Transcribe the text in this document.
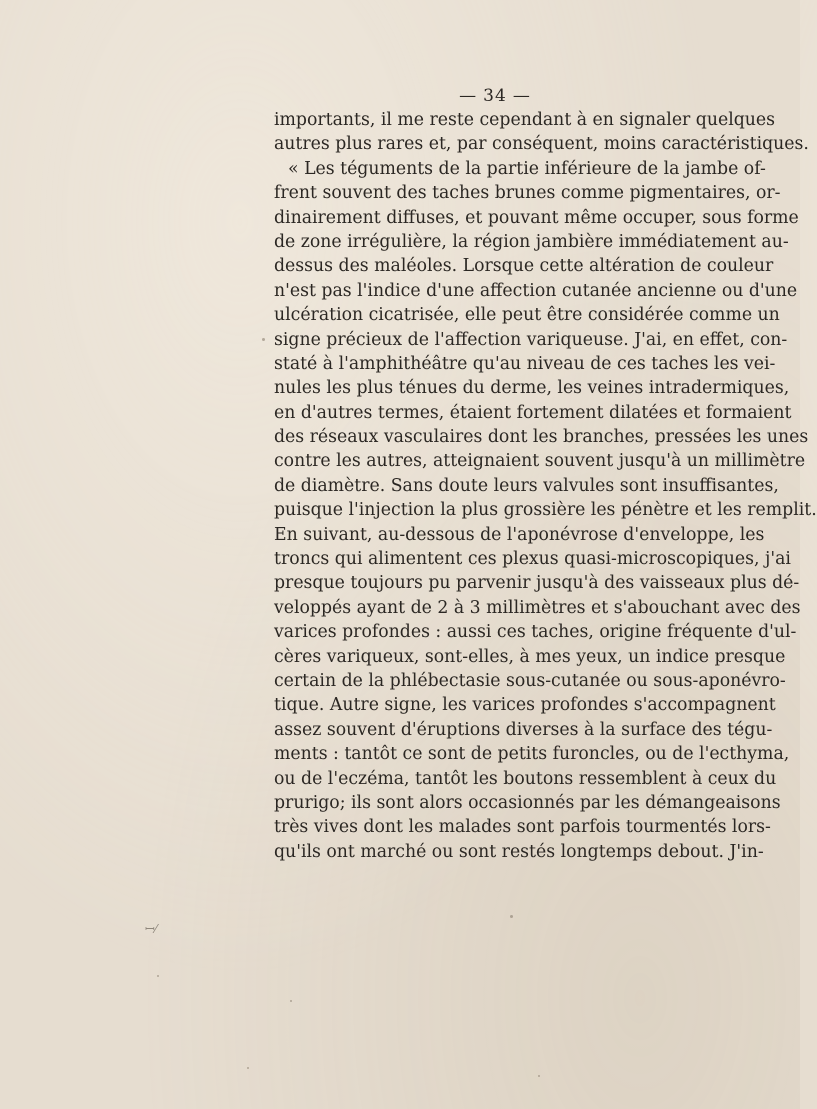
— 34 —
importants, il me reste cependant à en signaler quelques
autres plus rares et, par conséquent, moins caractéristiques.
« Les téguments de la partie inférieure de la jambe of-
frent souvent des taches brunes comme pigmentaires, or-
dinairement diffuses, et pouvant même occuper, sous forme
de zone irrégulière, la région jambière immédiatement au-
dessus des maléoles. Lorsque cette altération de couleur
n'est pas l'indice d'une affection cutanée ancienne ou d'une
ulcération cicatrisée, elle peut être considérée comme un
signe précieux de l'affection variqueuse. J'ai, en effet, con-
staté à l'amphithéâtre qu'au niveau de ces taches les vei-
nules les plus ténues du derme, les veines intradermiques,
en d'autres termes, étaient fortement dilatées et formaient
des réseaux vasculaires dont les branches, pressées les unes
contre les autres, atteignaient souvent jusqu'à un millimètre
de diamètre. Sans doute leurs valvules sont insuffisantes,
puisque l'injection la plus grossière les pénètre et les remplit.
En suivant, au-dessous de l'aponévrose d'enveloppe, les
troncs qui alimentent ces plexus quasi-microscopiques, j'ai
presque toujours pu parvenir jusqu'à des vaisseaux plus dé-
veloppés ayant de 2 à 3 millimètres et s'abouchant avec des
varices profondes : aussi ces taches, origine fréquente d'ul-
cères variqueux, sont-elles, à mes yeux, un indice presque
certain de la phlébectasie sous-cutanée ou sous-aponévro-
tique. Autre signe, les varices profondes s'accompagnent
assez souvent d'éruptions diverses à la surface des tégu-
ments : tantôt ce sont de petits furoncles, ou de l'ecthyma,
ou de l'eczéma, tantôt les boutons ressemblent à ceux du
prurigo; ils sont alors occasionnés par les démangeaisons
très vives dont les malades sont parfois tourmentés lors-
qu'ils ont marché ou sont restés longtemps debout. J'in-
ꟷ⁄
